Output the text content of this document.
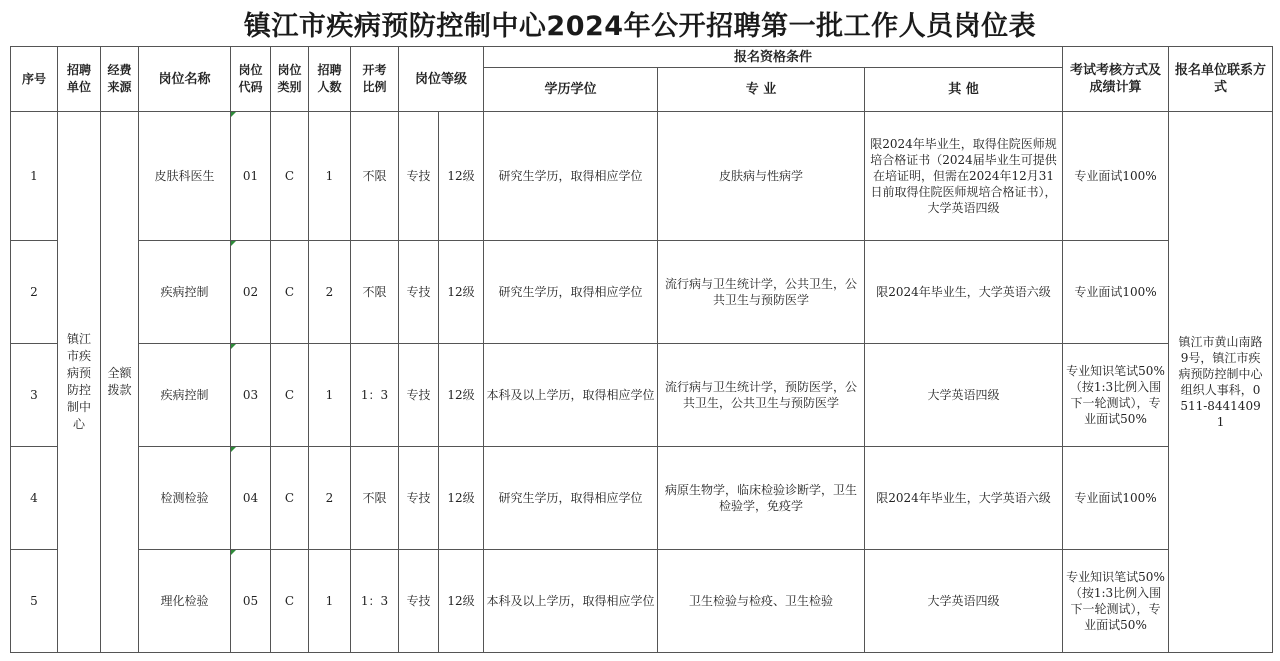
镇江市疾病预防控制中心2024年公开招聘第一批工作人员岗位表
序号	招聘单位	经费来源	岗位名称	岗位代码	岗位类别	招聘人数	开考比例	岗位等级		报名资格条件			考试考核方式及成绩计算	报名单位联系方式
										学历学位	专 业	其 他		
1	镇江市疾病预防控制中心	全额拨款	皮肤科医生	01	C	1	不限	专技	12级	研究生学历，取得相应学位	皮肤病与性病学	限2024年毕业生，取得住院医师规培合格证书（2024届毕业生可提供在培证明，但需在2024年12月31日前取得住院医师规培合格证书），大学英语四级	专业面试100%	镇江市黄山南路9号，镇江市疾病预防控制中心组织人事科，0511-84414091
2			疾病控制	02	C	2	不限	专技	12级	研究生学历，取得相应学位	流行病与卫生统计学，公共卫生，公共卫生与预防医学	限2024年毕业生，大学英语六级	专业面试100%	
3			疾病控制	03	C	1	1：3	专技	12级	本科及以上学历，取得相应学位	流行病与卫生统计学，预防医学，公共卫生，公共卫生与预防医学	大学英语四级	专业知识笔试50%（按1:3比例入围下一轮测试），专业面试50%	
4			检测检验	04	C	2	不限	专技	12级	研究生学历，取得相应学位	病原生物学，临床检验诊断学，卫生检验学，免疫学	限2024年毕业生，大学英语六级	专业面试100%	
5			理化检验	05	C	1	1：3	专技	12级	本科及以上学历，取得相应学位	卫生检验与检疫、卫生检验	大学英语四级	专业知识笔试50%（按1:3比例入围下一轮测试），专业面试50%	
